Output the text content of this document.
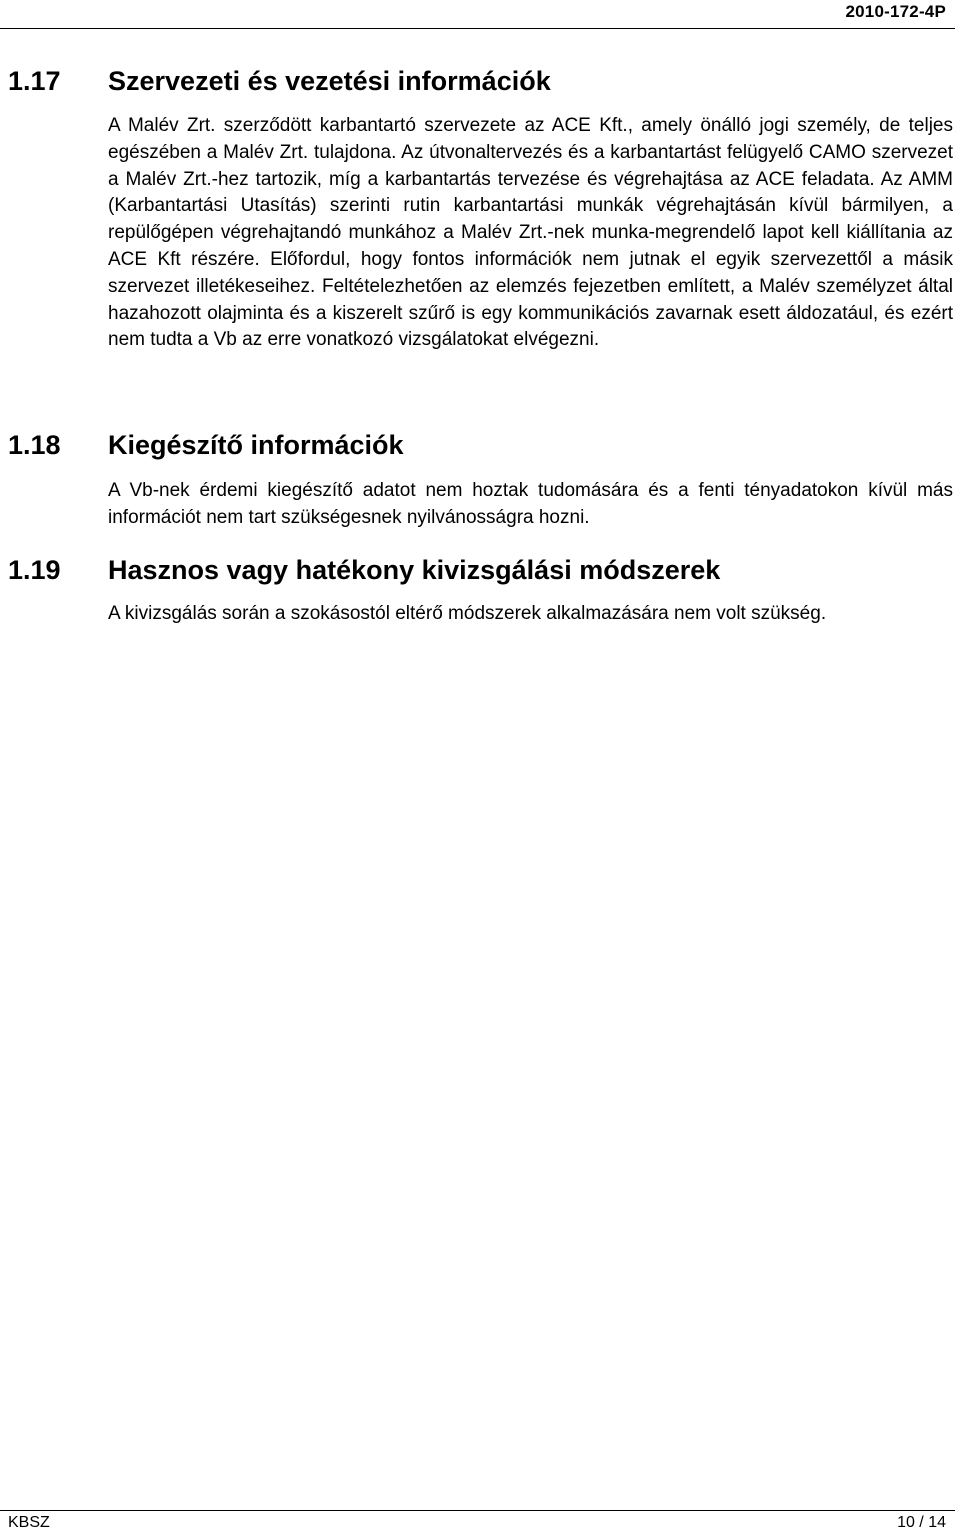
2010-172-4P
1.17 Szervezeti és vezetési információk
A Malév Zrt. szerződött karbantartó szervezete az ACE Kft., amely önálló jogi személy, de teljes egészében a Malév Zrt. tulajdona. Az útvonaltervezés és a karbantartást felügyelő CAMO szervezet a Malév Zrt.-hez tartozik, míg a karbantartás tervezése és végrehajtása az ACE feladata. Az AMM (Karbantartási Utasítás) szerinti rutin karbantartási munkák végrehajtásán kívül bármilyen, a repülőgépen végrehajtandó munkához a Malév Zrt.-nek munka-megrendelő lapot kell kiállítania az ACE Kft részére. Előfordul, hogy fontos információk nem jutnak el egyik szervezettől a másik szervezet illetékeseihez. Feltételezhetően az elemzés fejezetben említett, a Malév személyzet által hazahozott olajminta és a kiszerelt szűrő is egy kommunikációs zavarnak esett áldozatául, és ezért nem tudta a Vb az erre vonatkozó vizsgálatokat elvégezni.
1.18 Kiegészítő információk
A Vb-nek érdemi kiegészítő adatot nem hoztak tudomására és a fenti tényadatokon kívül más információt nem tart szükségesnek nyilvánosságra hozni.
1.19 Hasznos vagy hatékony kivizsgálási módszerek
A kivizsgálás során a szokásostól eltérő módszerek alkalmazására nem volt szükség.
KBSZ	10 / 14
